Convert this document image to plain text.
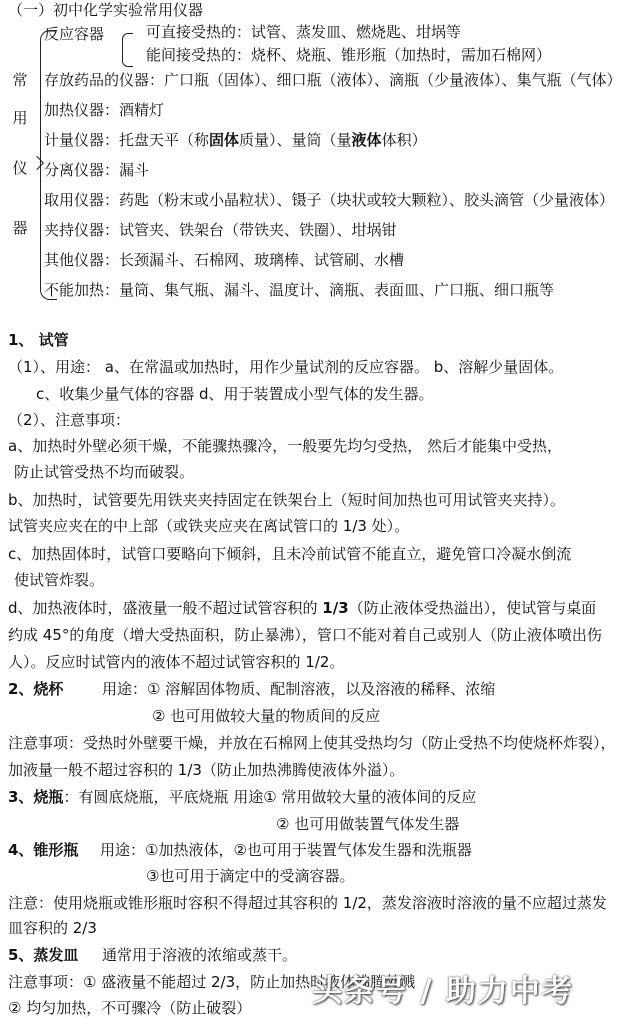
（一）初中化学实验常用仪器
常
用
仪
器
反应容器	可直接受热的：试管、蒸发皿、燃烧匙、坩埚等
能间接受热的：烧杯、烧瓶、锥形瓶（加热时，需加石棉网）
存放药品的仪器：广口瓶（固体）、细口瓶（液体）、滴瓶（少量液体）、集气瓶（气体）
加热仪器：酒精灯
计量仪器：托盘天平（称固体质量）、量筒（量液体体积）
分离仪器：漏斗
取用仪器：药匙（粉末或小晶粒状）、镊子（块状或较大颗粒）、胶头滴管（少量液体）
夹持仪器：试管夹、铁架台（带铁夹、铁圈）、坩埚钳
其他仪器：长颈漏斗、石棉网、玻璃棒、试管刷、水槽
不能加热：量筒、集气瓶、漏斗、温度计、滴瓶、表面皿、广口瓶、细口瓶等
1、 试管
（1）、用途： a、在常温或加热时，用作少量试剂的反应容器。 b、溶解少量固体。
c、收集少量气体的容器 d、用于装置成小型气体的发生器。
（2）、注意事项：
a、加热时外壁必须干燥，不能骤热骤冷，一般要先均匀受热， 然后才能集中受热，
防止试管受热不均而破裂。
b、加热时，试管要先用铁夹夹持固定在铁架台上（短时间加热也可用试管夹夹持）。
试管夹应夹在的中上部（或铁夹应夹在离试管口的 1/3 处）。
c、加热固体时，试管口要略向下倾斜，且未冷前试管不能直立，避免管口冷凝水倒流
使试管炸裂。
d、加热液体时，盛液量一般不超过试管容积的 1/3（防止液体受热溢出），使试管与桌面
约成 45°的角度（增大受热面积，防止暴沸），管口不能对着自己或别人（防止液体喷出伤
人）。反应时试管内的液体不超过试管容积的 1/2。
2、烧杯	用途：① 溶解固体物质、配制溶液，以及溶液的稀释、浓缩
② 也可用做较大量的物质间的反应
注意事项：受热时外壁要干燥，并放在石棉网上使其受热均匀（防止受热不均使烧杯炸裂），
加液量一般不超过容积的 1/3（防止加热沸腾使液体外溢）。
3、烧瓶：有圆底烧瓶，平底烧瓶 用途① 常用做较大量的液体间的反应
② 也可用做装置气体发生器
4、锥形瓶 用途：①加热液体，②也可用于装置气体发生器和洗瓶器
③也可用于滴定中的受滴容器。
注意：使用烧瓶或锥形瓶时容积不得超过其容积的 1/2，蒸发溶液时溶液的量不应超过蒸发
皿容积的 2/3
5、蒸发皿 通常用于溶液的浓缩或蒸干。
注意事项：① 盛液量不能超过 2/3，防止加热时液体沸腾外溅
② 均匀加热，不可骤冷（防止破裂） 头条号 / 助力中考
